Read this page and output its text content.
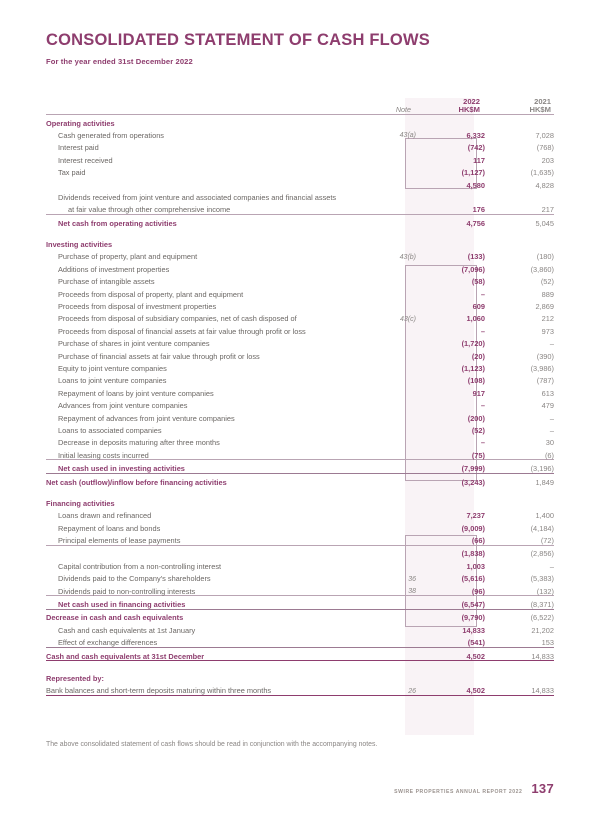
CONSOLIDATED STATEMENT OF CASH FLOWS
For the year ended 31st December 2022
		2022	2021
	Note	HK$M	HK$M
Operating activities			
Cash generated from operations	43(a)	6,332	7,028
Interest paid		(742)	(768)
Interest received		117	203
Tax paid		(1,127)	(1,635)
		4,580	4,828
Dividends received from joint venture and associated companies and financial assets			
at fair value through other comprehensive income		176	217
Net cash from operating activities		4,756	5,045

Investing activities			
Purchase of property, plant and equipment	43(b)	(133)	(180)
Additions of investment properties		(7,096)	(3,860)
Purchase of intangible assets		(58)	(52)
Proceeds from disposal of property, plant and equipment		–	889
Proceeds from disposal of investment properties		609	2,869
Proceeds from disposal of subsidiary companies, net of cash disposed of	43(c)	1,060	212
Proceeds from disposal of financial assets at fair value through profit or loss		–	973
Purchase of shares in joint venture companies		(1,720)	–
Purchase of financial assets at fair value through profit or loss		(20)	(390)
Equity to joint venture companies		(1,123)	(3,986)
Loans to joint venture companies		(108)	(787)
Repayment of loans by joint venture companies		917	613
Advances from joint venture companies		–	479
Repayment of advances from joint venture companies		(200)	–
Loans to associated companies		(52)	–
Decrease in deposits maturing after three months		–	30
Initial leasing costs incurred		(75)	(6)
Net cash used in investing activities		(7,999)	(3,196)
Net cash (outflow)/inflow before financing activities		(3,243)	1,849

Financing activities			
Loans drawn and refinanced		7,237	1,400
Repayment of loans and bonds		(9,009)	(4,184)
Principal elements of lease payments		(66)	(72)
		(1,838)	(2,856)
Capital contribution from a non-controlling interest		1,003	–
Dividends paid to the Company's shareholders	36	(5,616)	(5,383)
Dividends paid to non-controlling interests	38	(96)	(132)
Net cash used in financing activities		(6,547)	(8,371)
Decrease in cash and cash equivalents		(9,790)	(6,522)
Cash and cash equivalents at 1st January		14,833	21,202
Effect of exchange differences		(541)	153
Cash and cash equivalents at 31st December		4,502	14,833

Represented by:			
Bank balances and short-term deposits maturing within three months	26	4,502	14,833
The above consolidated statement of cash flows should be read in conjunction with the accompanying notes.
SWIRE PROPERTIES ANNUAL REPORT 2022 137
